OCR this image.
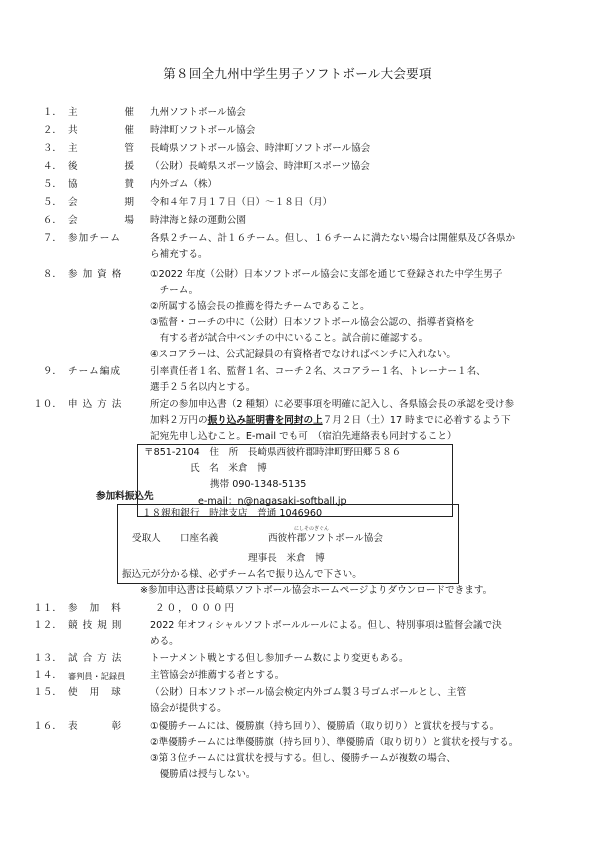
第８回全九州中学生男子ソフトボール大会要項
１． 主	催 九州ソフトボール協会
２． 共	催 時津町ソフトボール協会
３． 主	管 長崎県ソフトボール協会、時津町ソフトボール協会
４． 後	援 （公財）長崎県スポーツ協会、時津町スポーツ協会
５． 協	賛 内外ゴム（株）
５． 会	期 令和４年７月１７日（日）～１８日（月）
６． 会	場 時津海と緑の運動公園
７． 参加チーム	各県２チーム、計１６チーム。但し、１６チームに満たない場合は開催県及び各県か
ら補充する。
８． 参加資格 ①2022 年度（公財）日本ソフトボール協会に支部を通じて登録された中学生男子
　チーム。
②所属する協会長の推薦を得たチームであること。
③監督・コーチの中に（公財）日本ソフトボール協会公認の、指導者資格を
　有する者が試合中ベンチの中にいること。試合前に確認する。
④スコアラーは、公式記録員の有資格者でなければベンチに入れない。
９． チーム編成	引率責任者１名、監督１名、コーチ２名、スコアラー１名、トレーナー１名、
選手２５名以内とする。
１０． 申込方法 所定の参加申込書（2 種類）に必要事項を明確に記入し、各県協会長の承認を受け参
加料２万円の振り込み証明書を同封の上７月２日（土）17 時までに必着するよう下
記宛先申し込むこと。E-mail でも可　（宿泊先連絡表も同封すること）
〒851-2104　住　所　長崎県西彼杵郡時津町野田郷５８６
氏　名　米倉　博
携帯 090-1348-5135
e-mail：n@nagasaki-softball.jp
参加料振込先
１８親和銀行　時津支店　普通 1046960
にしそのぎぐん
受取人　　口座名義	西彼杵郡ソフトボール協会
理事長　米倉　博
振込元が分かる様、必ずチーム名で振り込んで下さい。
※参加申込書は長崎県ソフトボール協会ホームページよりダウンロードできます。
１１． 参加料 ２０，０００円
１２． 競技規則 2022 年オフィシャルソフトボールルールによる。但し、特別事項は監督会議で決
める。
１３． 試合方法 トーナメント戦とする但し参加チーム数により変更もある。
１４． 審判員・記録員	主管協会が推薦する者とする。
１５． 使用球 （公財）日本ソフトボール協会検定内外ゴム製３号ゴムボールとし、主管
協会が提供する。
１６． 表彰
①優勝チームには、優勝旗（持ち回り）、優勝盾（取り切り）と賞状を授与する。
②準優勝チームには準優勝旗（持ち回り）、準優勝盾（取り切り）と賞状を授与する。
③第３位チームには賞状を授与する。但し、優勝チームが複数の場合、
　優勝盾は授与しない。
